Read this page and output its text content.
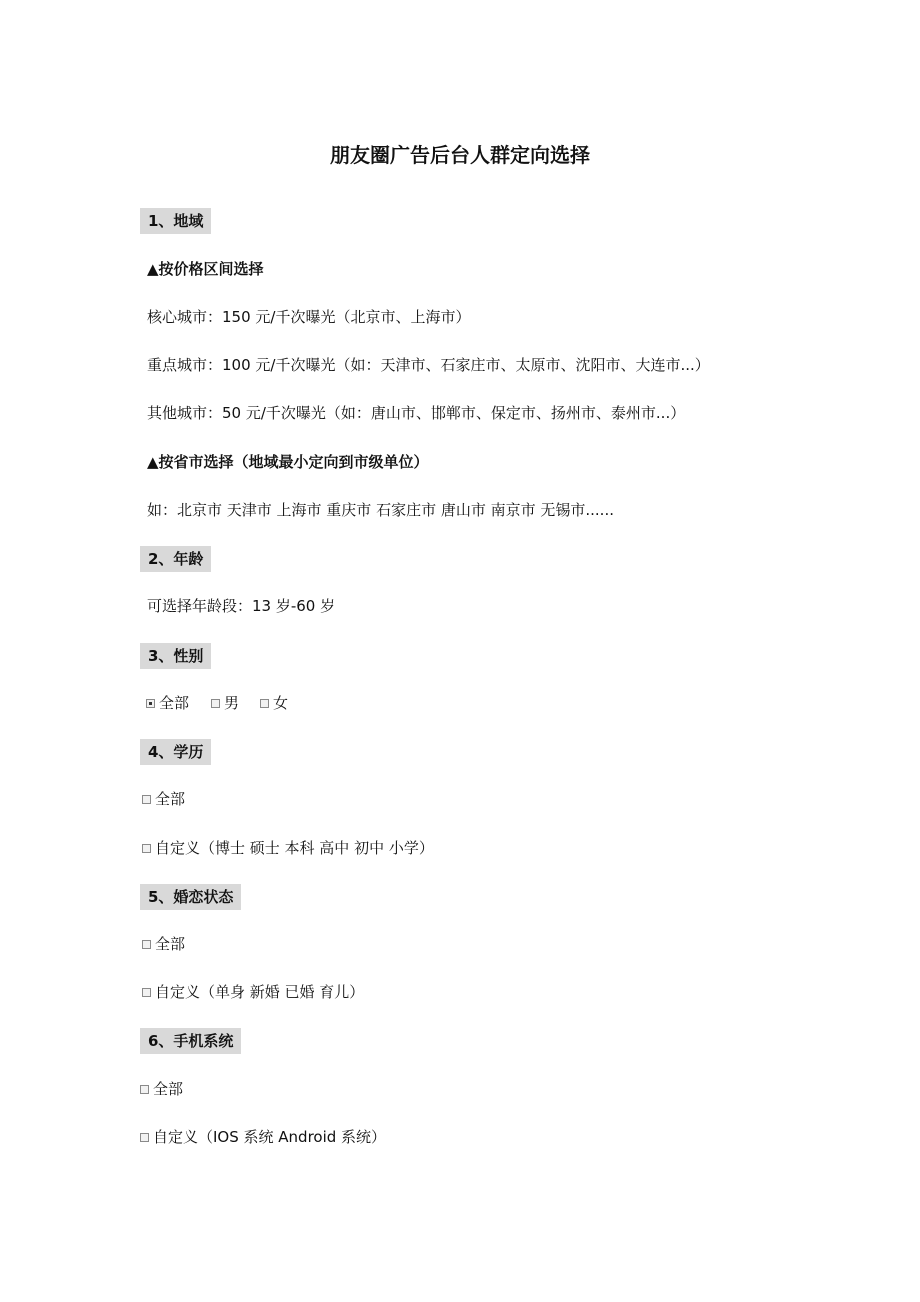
朋友圈广告后台人群定向选择
1、地域
▲按价格区间选择
核心城市：150 元/千次曝光（北京市、上海市）
重点城市：100 元/千次曝光（如：天津市、石家庄市、太原市、沈阳市、大连市...）
其他城市：50 元/千次曝光（如：唐山市、邯郸市、保定市、扬州市、泰州市...）
▲按省市选择（地域最小定向到市级单位）
如：北京市 天津市 上海市 重庆市 石家庄市 唐山市 南京市 无锡市......
2、年龄
可选择年龄段：13 岁-60 岁
3、性别
全部 男 女
4、学历
全部
自定义（博士 硕士 本科 高中 初中 小学）
5、婚恋状态
全部
自定义（单身 新婚 已婚 育儿）
6、手机系统
全部
自定义（IOS 系统 Android 系统）
